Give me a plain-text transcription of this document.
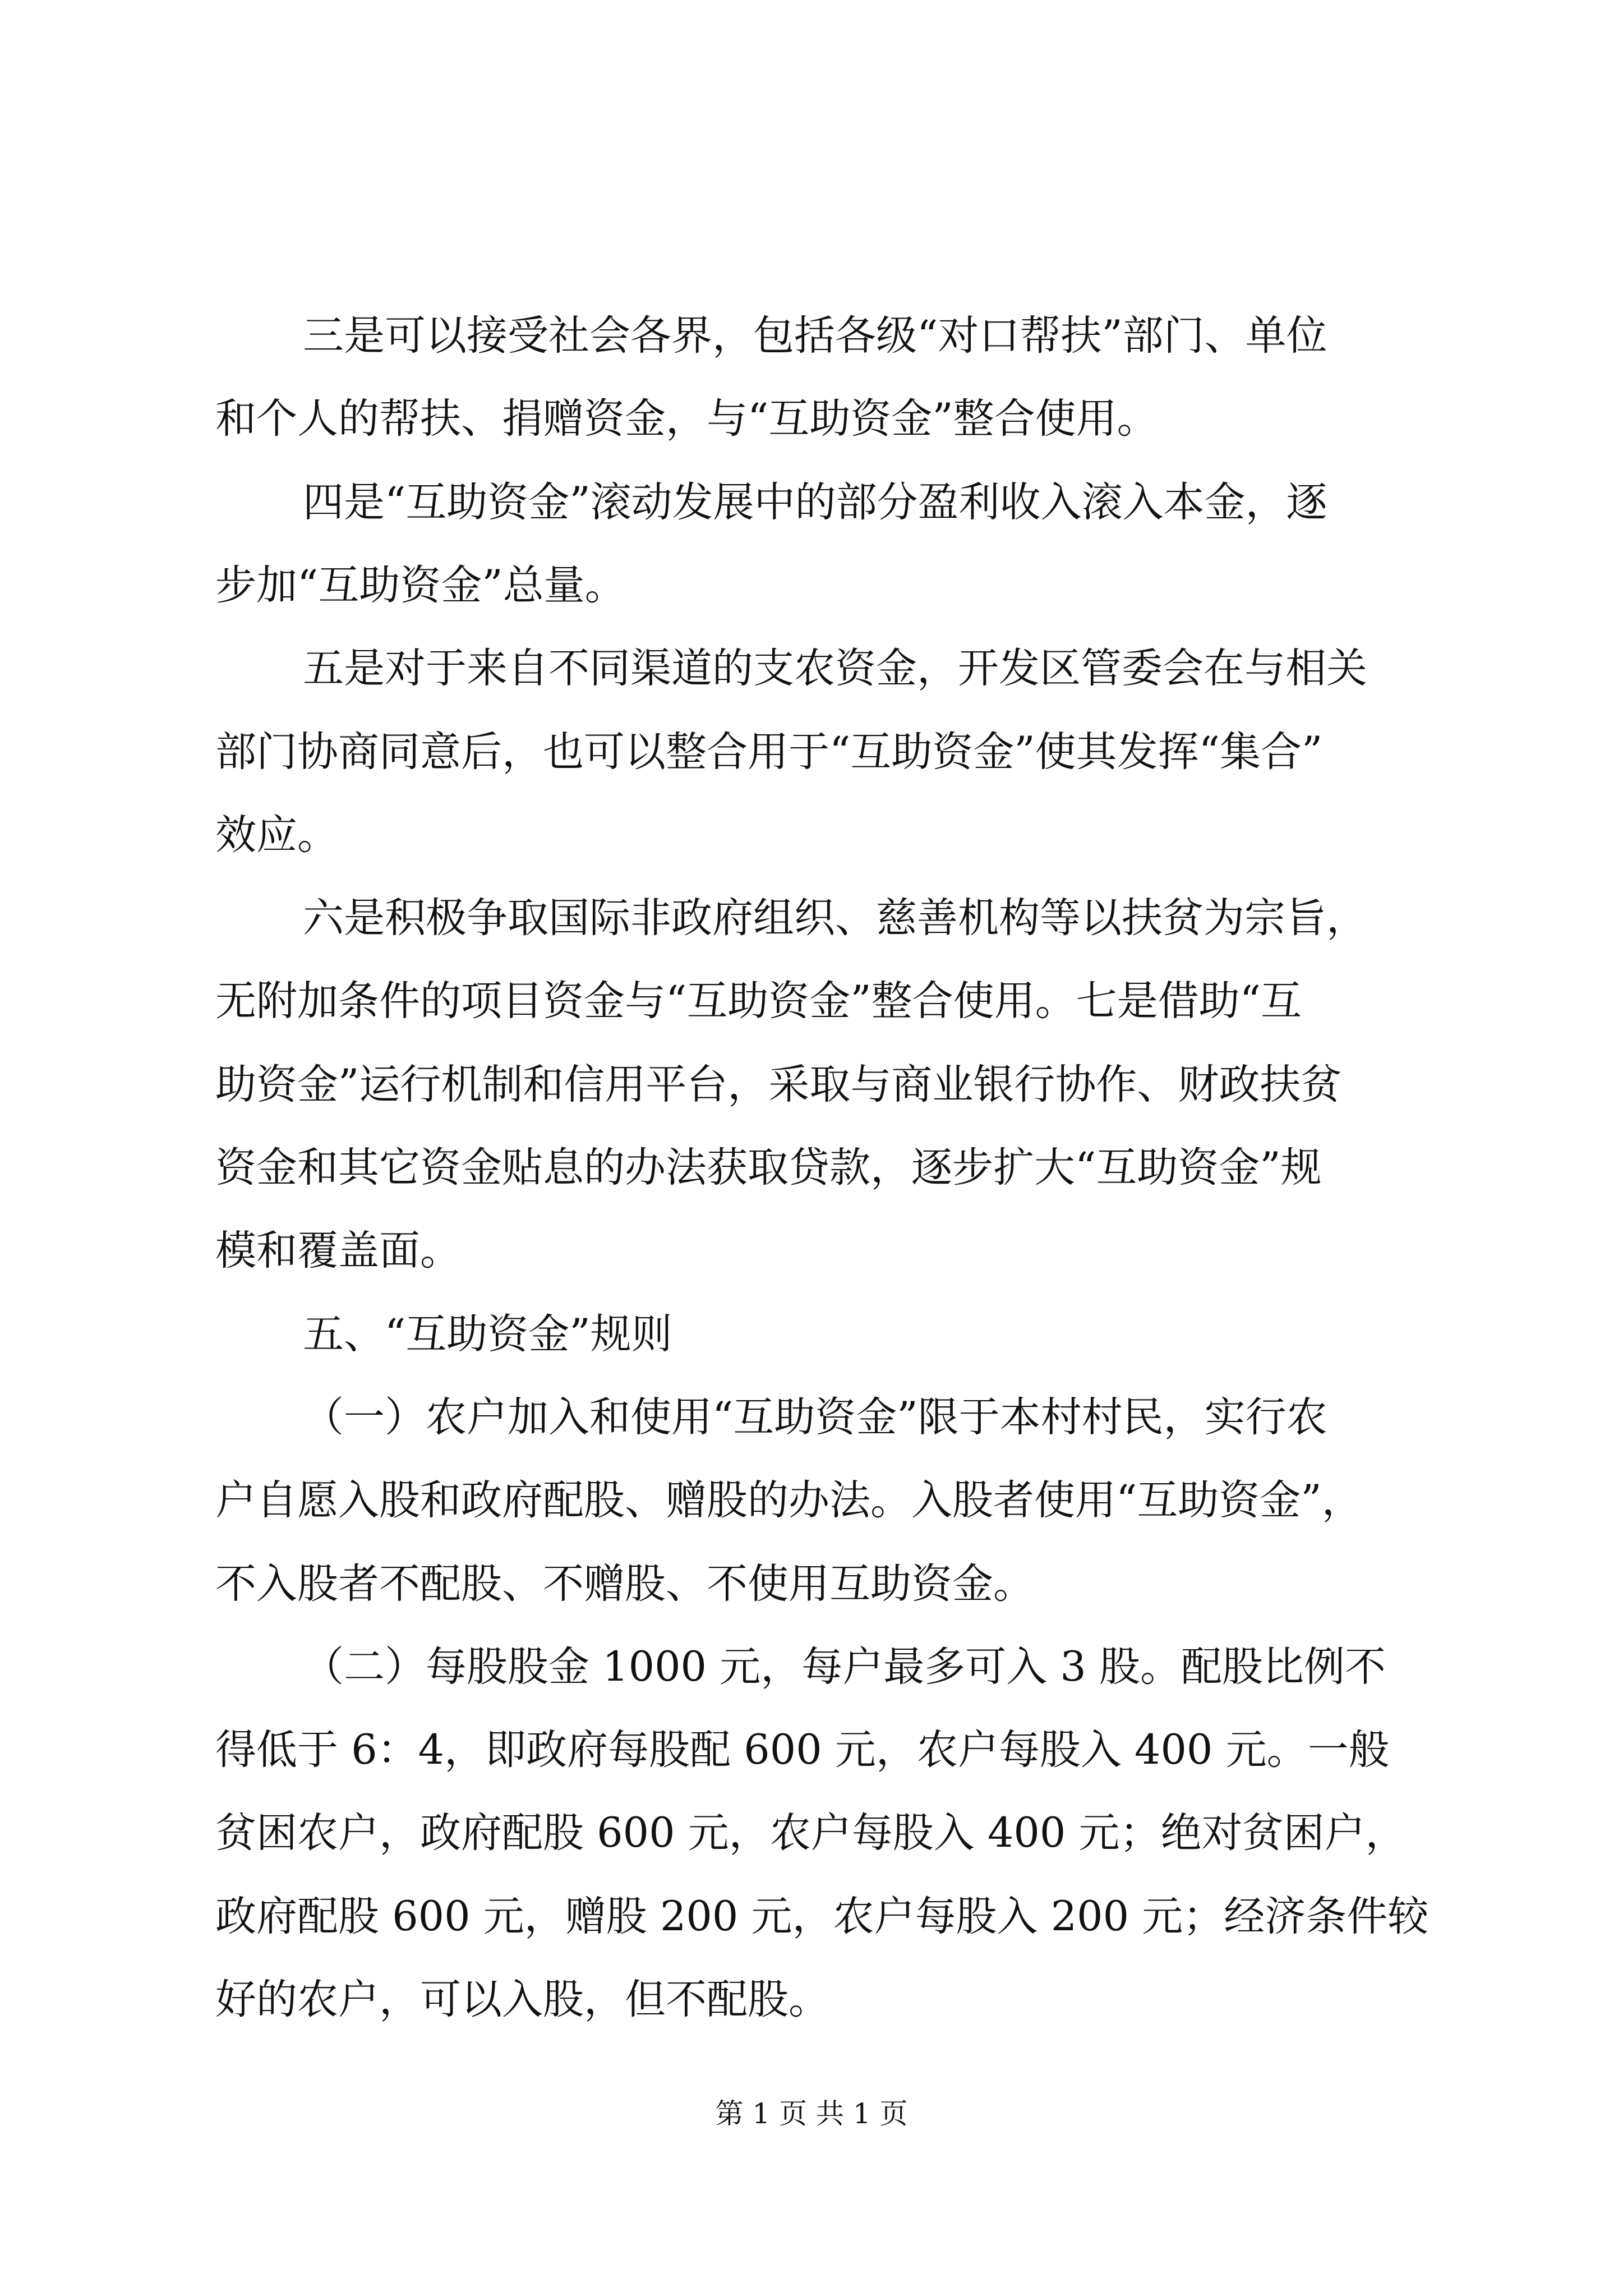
三是可以接受社会各界，包括各级“对口帮扶”部门、单位
和个人的帮扶、捐赠资金，与“互助资金”整合使用。
四是“互助资金”滚动发展中的部分盈利收入滚入本金，逐
步加“互助资金”总量。
五是对于来自不同渠道的支农资金，开发区管委会在与相关
部门协商同意后，也可以整合用于“互助资金”使其发挥“集合”
效应。
六是积极争取国际非政府组织、慈善机构等以扶贫为宗旨，
无附加条件的项目资金与“互助资金”整合使用。七是借助“互
助资金”运行机制和信用平台，采取与商业银行协作、财政扶贫
资金和其它资金贴息的办法获取贷款，逐步扩大“互助资金”规
模和覆盖面。
五、“互助资金”规则
（一）农户加入和使用“互助资金”限于本村村民，实行农
户自愿入股和政府配股、赠股的办法。入股者使用“互助资金”，
不入股者不配股、不赠股、不使用互助资金。
（二）每股股金 1000 元，每户最多可入 3 股。配股比例不
得低于 6：4，即政府每股配 600 元，农户每股入 400 元。一般
贫困农户，政府配股 600 元，农户每股入 400 元；绝对贫困户，
政府配股 600 元，赠股 200 元，农户每股入 200 元；经济条件较
好的农户，可以入股，但不配股。
第 1 页 共 1 页
